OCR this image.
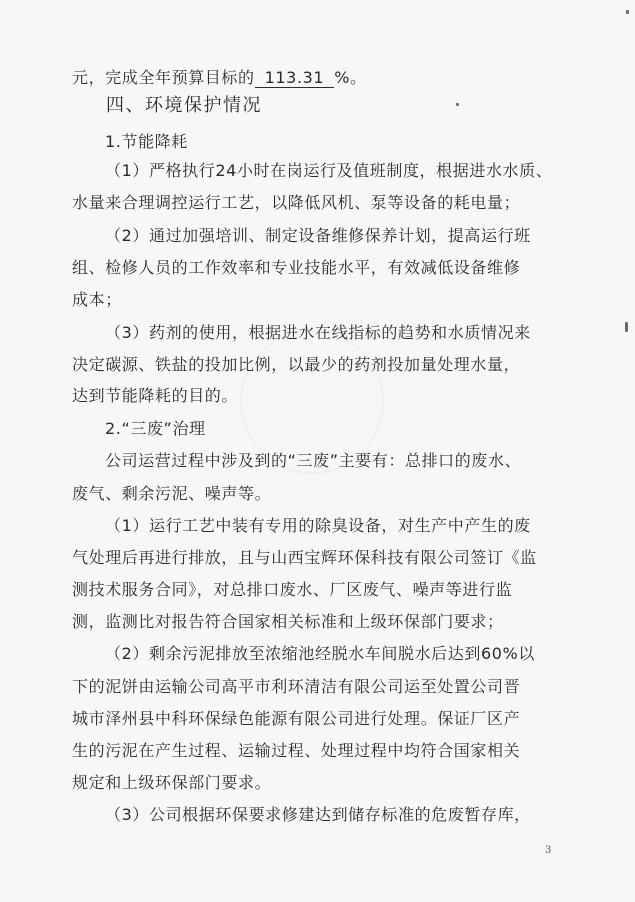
元，完成全年预算目标的 113.31 %。
四、环境保护情况
1.节能降耗
（1）严格执行24小时在岗运行及值班制度，根据进水水质、
水量来合理调控运行工艺，以降低风机、泵等设备的耗电量；
（2）通过加强培训、制定设备维修保养计划，提高运行班
组、检修人员的工作效率和专业技能水平，有效减低设备维修
成本；
（3）药剂的使用，根据进水在线指标的趋势和水质情况来
决定碳源、铁盐的投加比例，以最少的药剂投加量处理水量，
达到节能降耗的目的。
2.“三废”治理
公司运营过程中涉及到的“三废”主要有：总排口的废水、
废气、剩余污泥、噪声等。
（1）运行工艺中装有专用的除臭设备，对生产中产生的废
气处理后再进行排放，且与山西宝辉环保科技有限公司签订《监
测技术服务合同》，对总排口废水、厂区废气、噪声等进行监
测，监测比对报告符合国家相关标准和上级环保部门要求；
（2）剩余污泥排放至浓缩池经脱水车间脱水后达到60%以
下的泥饼由运输公司高平市利环清洁有限公司运至处置公司晋
城市泽州县中科环保绿色能源有限公司进行处理。保证厂区产
生的污泥在产生过程、运输过程、处理过程中均符合国家相关
规定和上级环保部门要求。
（3）公司根据环保要求修建达到储存标准的危废暂存库，
3
